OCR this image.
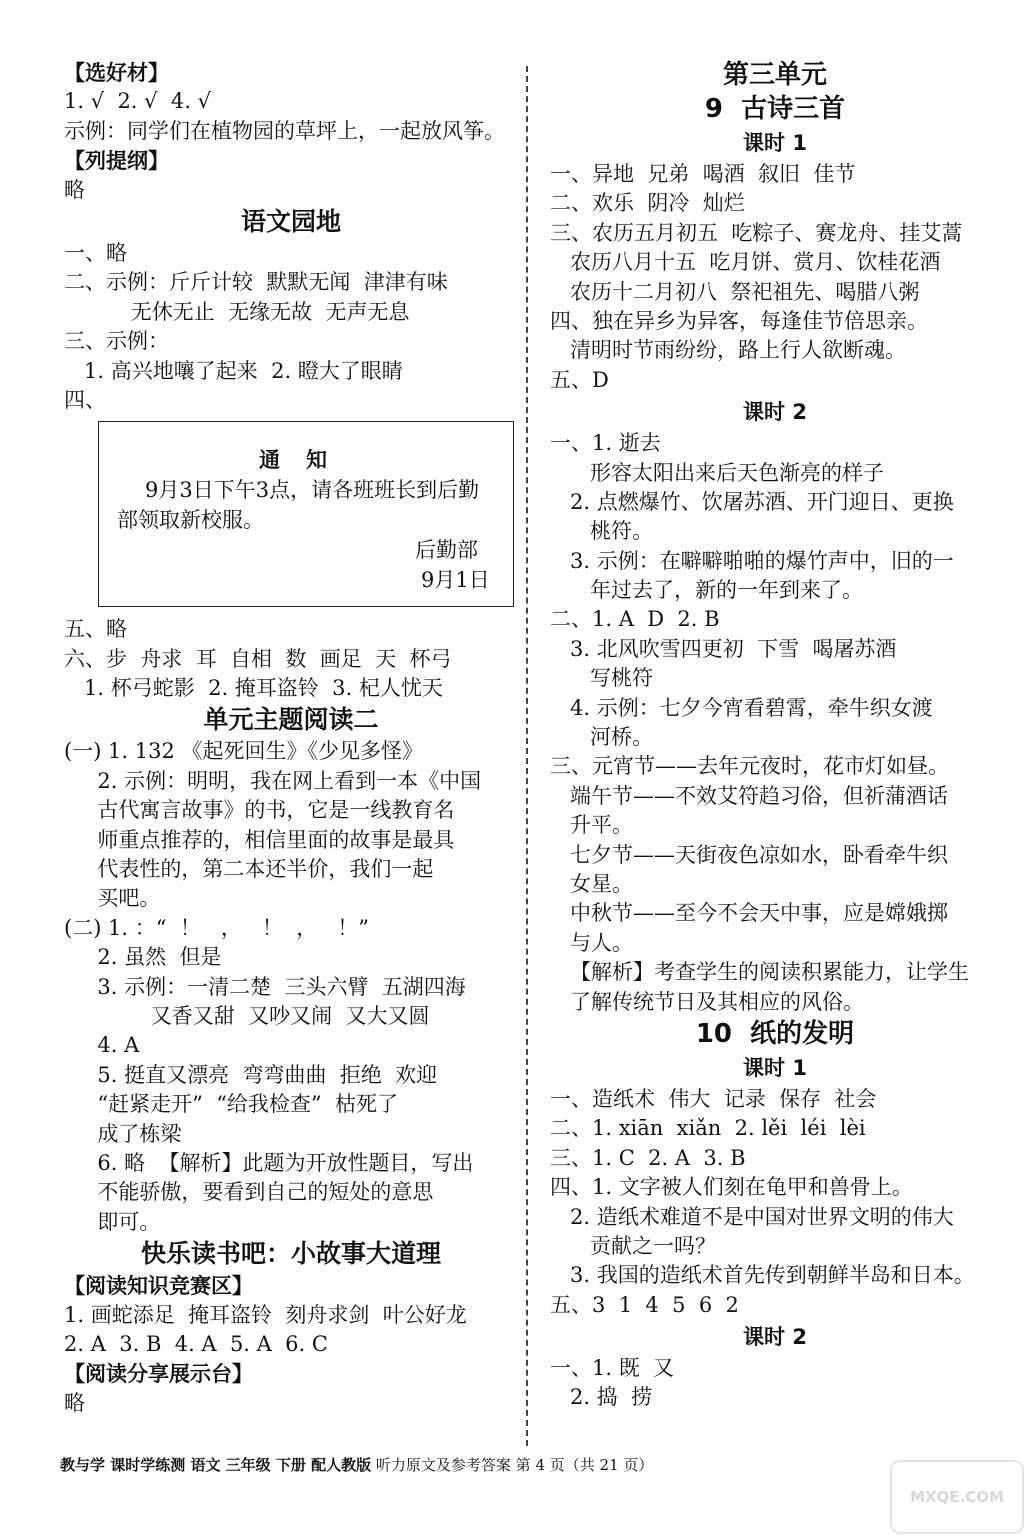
【选好材】
1. √  2. √  4. √
示例：同学们在植物园的草坪上，一起放风筝。
【列提纲】
略
语文园地
一、略
二、示例：斤斤计较  默默无闻  津津有味
无休无止  无缘无故  无声无息
三、示例：
1. 高兴地嚷了起来  2. 瞪大了眼睛
四、
通知
9月3日下午3点，请各班班长到后勤
部领取新校服。
后勤部
9月1日
五、略
六、步  舟求  耳  自相  数  画足  天  杯弓
1. 杯弓蛇影  2. 掩耳盗铃  3. 杞人忧天
单元主题阅读二
(一) 1. 132 《起死回生》《少见多怪》
2. 示例：明明，我在网上看到一本《中国
古代寓言故事》的书，它是一线教育名
师重点推荐的，相信里面的故事是最具
代表性的，第二本还半价，我们一起
买吧。
(二) 1. ：“  ！   ，   ！  ，   ！”
2. 虽然  但是
3. 示例：一清二楚  三头六臂  五湖四海
又香又甜  又吵又闹  又大又圆
4. A
5. 挺直又漂亮  弯弯曲曲  拒绝  欢迎
“赶紧走开”  “给我检查”  枯死了
成了栋梁
6. 略  【解析】此题为开放性题目，写出
不能骄傲，要看到自己的短处的意思
即可。
快乐读书吧：小故事大道理
【阅读知识竞赛区】
1. 画蛇添足  掩耳盗铃  刻舟求剑  叶公好龙
2. A  3. B  4. A  5. A  6. C
【阅读分享展示台】
略
第三单元
9  古诗三首
课时 1
一、异地  兄弟  喝酒  叙旧  佳节
二、欢乐  阴冷  灿烂
三、农历五月初五  吃粽子、赛龙舟、挂艾蒿
农历八月十五  吃月饼、赏月、饮桂花酒
农历十二月初八  祭祀祖先、喝腊八粥
四、独在异乡为异客，每逢佳节倍思亲。
清明时节雨纷纷，路上行人欲断魂。
五、D
课时 2
一、1. 逝去
形容太阳出来后天色渐亮的样子
2. 点燃爆竹、饮屠苏酒、开门迎日、更换
桃符。
3. 示例：在噼噼啪啪的爆竹声中，旧的一
年过去了，新的一年到来了。
二、1. A  D  2. B
3. 北风吹雪四更初  下雪  喝屠苏酒
写桃符
4. 示例：七夕今宵看碧霄，牵牛织女渡
河桥。
三、元宵节——去年元夜时，花市灯如昼。
端午节——不效艾符趋习俗，但祈蒲酒话
升平。
七夕节——天街夜色凉如水，卧看牵牛织
女星。
中秋节——至今不会天中事，应是嫦娥掷
与人。
【解析】考查学生的阅读积累能力，让学生
了解传统节日及其相应的风俗。
10  纸的发明
课时 1
一、造纸术  伟大  记录  保存  社会
二、1. xiān  xiǎn  2. lěi  léi  lèi
三、1. C  2. A  3. B
四、1. 文字被人们刻在龟甲和兽骨上。
2. 造纸术难道不是中国对世界文明的伟大
贡献之一吗？
3. 我国的造纸术首先传到朝鲜半岛和日本。
五、3  1  4  5  6  2
课时 2
一、1. 既  又
2. 捣  捞
教与学 课时学练测 语文 三年级 下册 配人教版 听力原文及参考答案 第 4 页（共 21 页）
MXQE.COM
